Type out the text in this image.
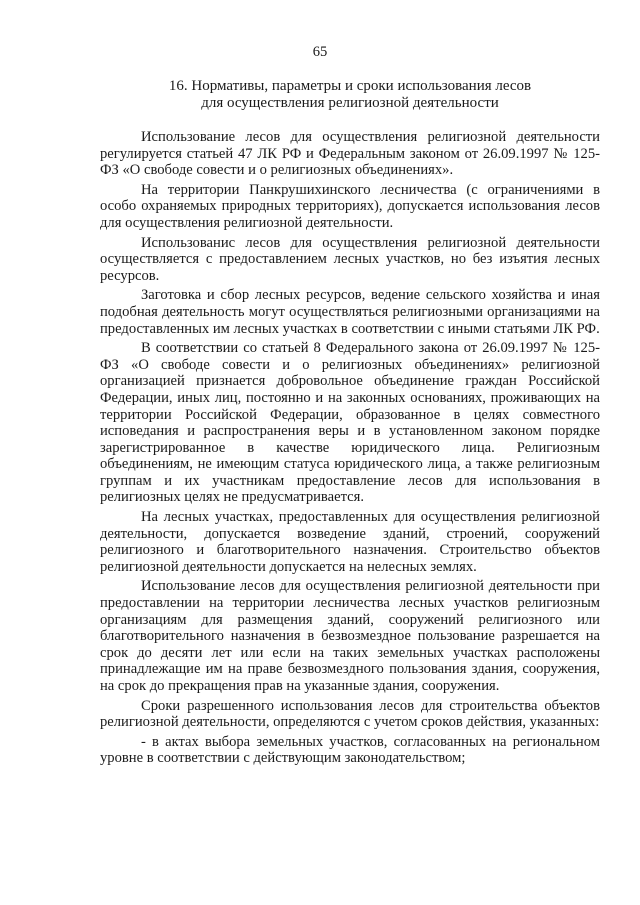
65
16. Нормативы, параметры и сроки использования лесов
для осуществления религиозной деятельности

Использование лесов для осуществления религиозной деятельности регулируется статьей 47 ЛК РФ и Федеральным законом от 26.09.1997 № 125-ФЗ «О свободе совести и о религиозных объединениях».

На территории Панкрушихинского лесничества (с ограничениями в особо охраняемых природных территориях), допускается использования лесов для осуществления религиозной деятельности.

Использованис лесов для осуществления религиозной деятельности осуществляется с предоставлением лесных участков, но без изъятия лесных ресурсов.

Заготовка и сбор лесных ресурсов, ведение сельского хозяйства и иная подобная деятельность могут осуществляться религиозными организациями на предоставленных им лесных участках в соответствии с иными статьями ЛК РФ.

В соответствии со статьей 8 Федерального закона от 26.09.1997 № 125-ФЗ «О свободе совести и о религиозных объединениях» религиозной организацией признается добровольное объединение граждан Российской Федерации, иных лиц, постоянно и на законных основаниях, проживающих на территории Российской Федерации, образованное в целях совместного исповедания и распространения веры и в установленном законом порядке зарегистрированное в качестве юридического лица. Религиозным объединениям, не имеющим статуса юридического лица, а также религиозным группам и их участникам предоставление лесов для использования в религиозных целях не предусматривается.

На лесных участках, предоставленных для осуществления религиозной деятельности, допускается возведение зданий, строений, сооружений религиозного и благотворительного назначения. Строительство объектов религиозной деятельности допускается на нелесных землях.

Использование лесов для осуществления религиозной деятельности при предоставлении на территории лесничества лесных участков религиозным организациям для размещения зданий, сооружений религиозного или благотворительного назначения в безвозмездное пользование разрешается на срок до десяти лет или если на таких земельных участках расположены принадлежащие им на праве безвозмездного пользования здания, сооружения, на срок до прекращения прав на указанные здания, сооружения.

Сроки разрешенного использования лесов для строительства объектов религиозной деятельности, определяются с учетом сроков действия, указанных:

- в актах выбора земельных участков, согласованных на региональном уровне в соответствии с действующим законодательством;
